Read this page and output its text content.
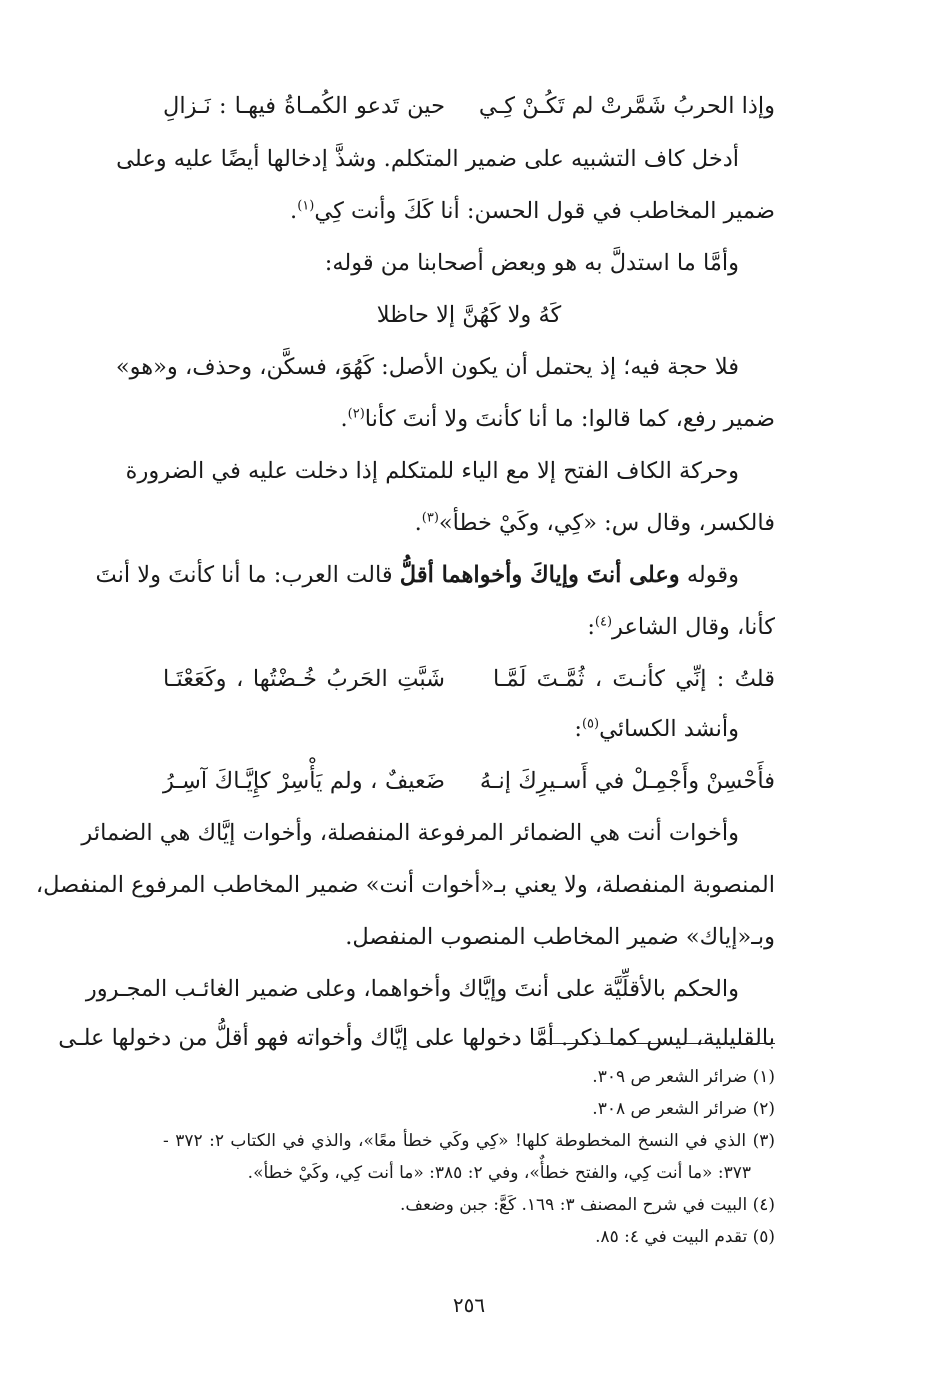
وإذا الحربُ شَمَّرتْ لم تَكُـنْ كِـي
حين تَدعو الكُمـاةُ فيهـا : نَـزالِ
أدخل كاف التشبيه على ضمير المتكلم. وشذَّ إدخالها أيضًا عليه وعلى
ضمير المخاطب في قول الحسن: أنا كَكَ وأنت كِي$^{(١)}$.
وأمَّا ما استدلَّ به هو وبعض أصحابنا من قوله:
كَهُ ولا كَهُنَّ إلا حاظلا
فلا حجة فيه؛ إذ يحتمل أن يكون الأصل: كَهُوَ، فسكَّن، وحذف، و«هو»
ضمير رفع، كما قالوا: ما أنا كأنتَ ولا أنتَ كأنا$^{(٢)}$.
وحركة الكاف الفتح إلا مع الياء للمتكلم إذا دخلت عليه في الضرورة
فالكسر، وقال س: «كِي، وكَيْ خطأ»$^{(٣)}$.
وقوله وعلى أنتَ وإياكَ وأخواهما أقلُّ قالت العرب: ما أنا كأنتَ ولا أنتَ
كأنا، وقال الشاعر$^{(٤)}$:
قلتُ : إنِّي كأنـتَ ، ثُمَّـتَ لَمَّـا
شَبَّتِ الحَربُ خُـضْتُها ، وكَعَعْتَـا
وأنشد الكسائي$^{(٥)}$:
فأَحْسِنْ وأَجْمِـلْ في أَسـيرِكَ إنـهُ
ضَعيفٌ ، ولم يَأْسِرْ كإِيَّـاكَ آسِـرُ
وأخوات أنت هي الضمائر المرفوعة المنفصلة، وأخوات إيَّاك هي الضمائر
المنصوبة المنفصلة، ولا يعني بـ«أخوات أنت» ضمير المخاطب المرفوع المنفصل،
وبـ«إياك» ضمير المخاطب المنصوب المنفصل.
والحكم بالأقلِّيَّة على أنتَ وإيَّاك وأخواهما، وعلى ضمير الغائـب المجـرور
بالقليلية، ليس كما ذكر. أمَّا دخولها على إيَّاك وأخواته فهو أقلُّ من دخولها علـى
(١) ضرائر الشعر ص ٣٠٩.
(٢) ضرائر الشعر ص ٣٠٨.
(٣) الذي في النسخ المخطوطة كلها! «كِي وكَي خطأ معًا»، والذي في الكتاب ٢: ٣٧٢ -
٣٧٣: «ما أنت كِي، والفتح خطأٌ»، وفي ٢: ٣٨٥: «ما أنت كِي، وكَيْ خطأ».
(٤) البيت في شرح المصنف ٣: ١٦٩. كَعَّ: جبن وضعف.
(٥) تقدم البيت في ٤: ٨٥.
٢٥٦
